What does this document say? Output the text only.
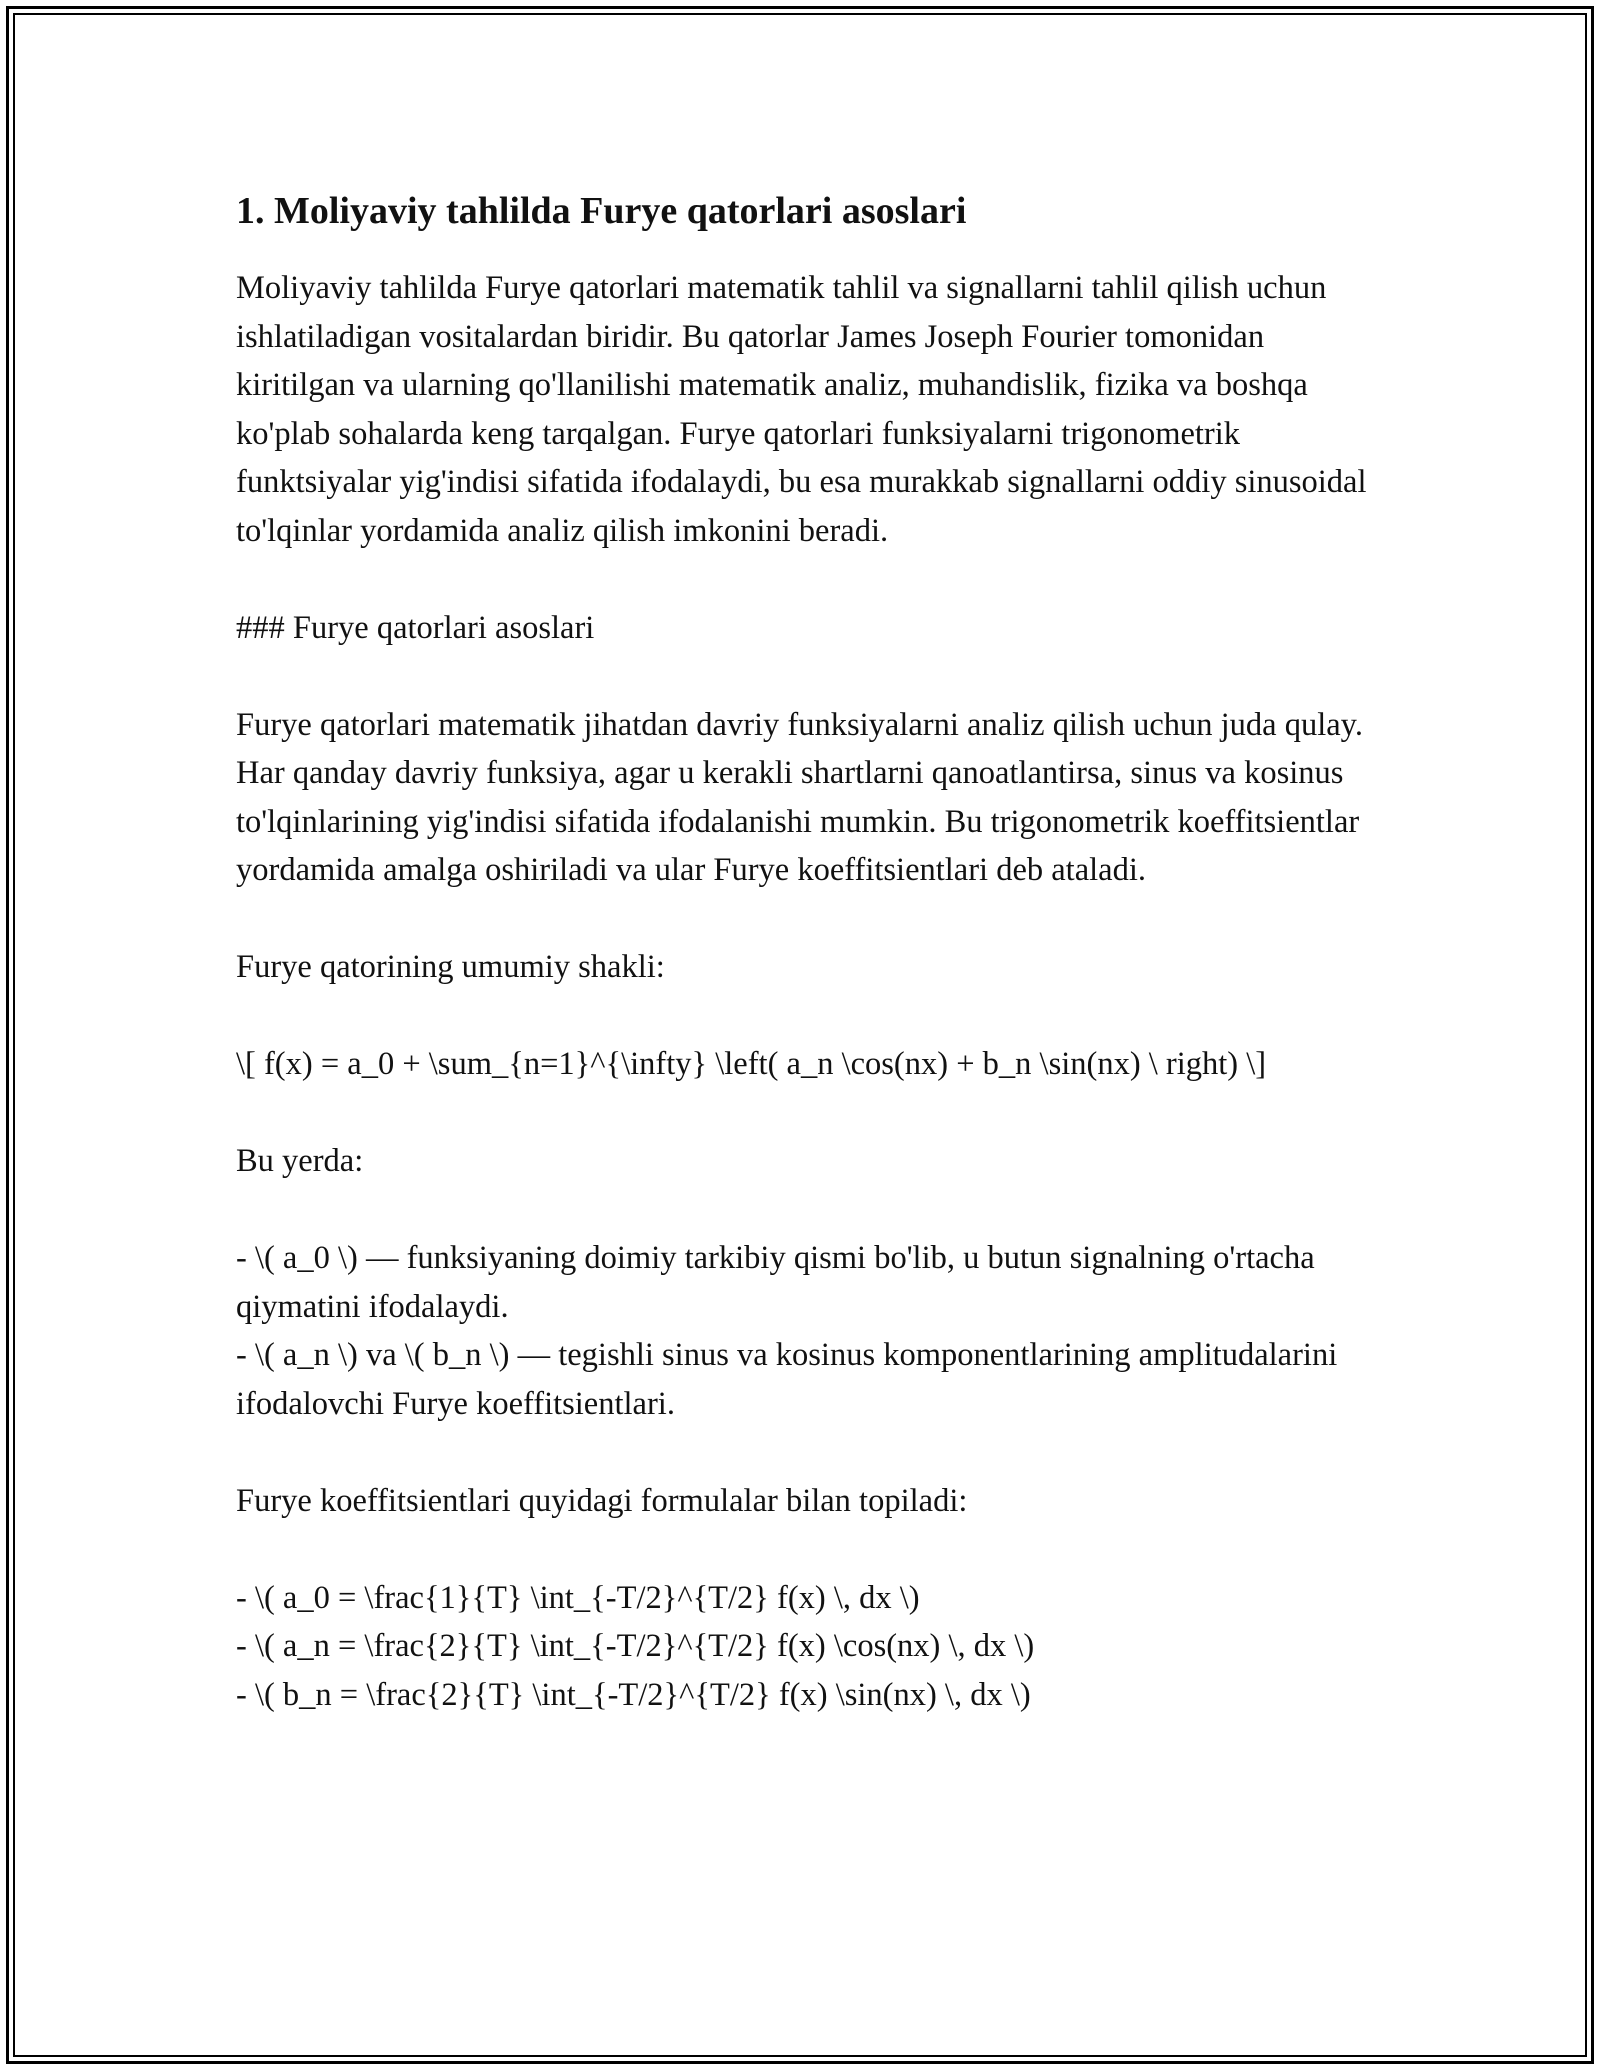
1. Moliyaviy tahlilda Furye qatorlari asoslari

Moliyaviy tahlilda Furye qatorlari matematik tahlil va signallarni tahlil qilish uchun ishlatiladigan vositalardan biridir. Bu qatorlar James Joseph Fourier tomonidan kiritilgan va ularning qo'llanilishi matematik analiz, muhandislik, fizika va boshqa ko'plab sohalarda keng tarqalgan. Furye qatorlari funksiyalarni trigonometrik funktsiyalar yig'indisi sifatida ifodalaydi, bu esa murakkab signallarni oddiy sinusoidal to'lqinlar yordamida analiz qilish imkonini beradi.

### Furye qatorlari asoslari

Furye qatorlari matematik jihatdan davriy funksiyalarni analiz qilish uchun juda qulay. Har qanday davriy funksiya, agar u kerakli shartlarni qanoatlantirsa, sinus va kosinus to'lqinlarining yig'indisi sifatida ifodalanishi mumkin. Bu trigonometrik koeffitsientlar yordamida amalga oshiriladi va ular Furye koeffitsientlari deb ataladi.

Furye qatorining umumiy shakli:

\[ f(x) = a_0 + \sum_{n=1}^{\infty} \left( a_n \cos(nx) + b_n \sin(nx) \ right) \]

Bu yerda:

- \( a_0 \) — funksiyaning doimiy tarkibiy qismi bo'lib, u butun signalning o'rtacha qiymatini ifodalaydi.

- \( a_n \) va \( b_n \) — tegishli sinus va kosinus komponentlarining amplitudalarini ifodalovchi Furye koeffitsientlari.

Furye koeffitsientlari quyidagi formulalar bilan topiladi:

- \( a_0 = \frac{1}{T} \int_{-T/2}^{T/2} f(x) \, dx \)

- \( a_n = \frac{2}{T} \int_{-T/2}^{T/2} f(x) \cos(nx) \, dx \)

- \( b_n = \frac{2}{T} \int_{-T/2}^{T/2} f(x) \sin(nx) \, dx \)
